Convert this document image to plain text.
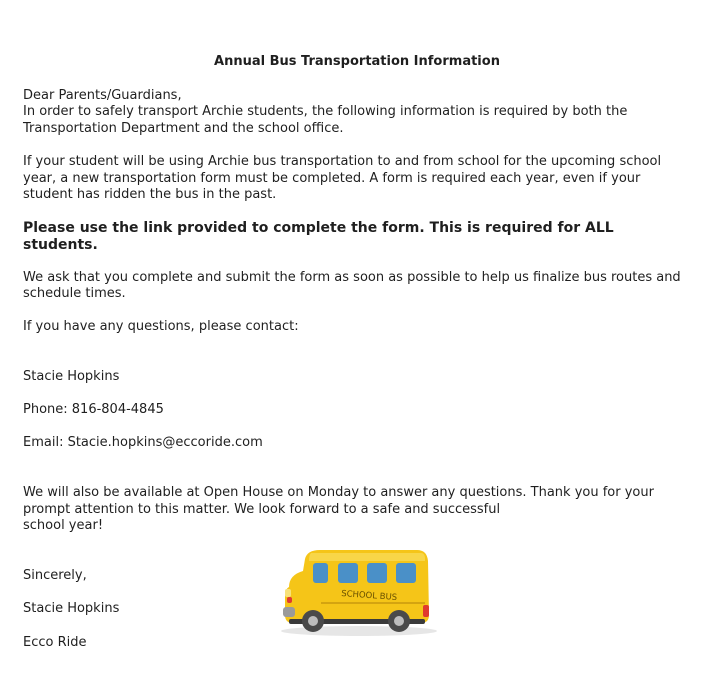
Annual Bus Transportation Information
Dear Parents/Guardians,
In order to safely transport Archie students, the following information is required by both the Transportation Department and the school office.
If your student will be using Archie bus transportation to and from school for the upcoming school year, a new transportation form must be completed. A form is required each year, even if your student has ridden the bus in the past.
Please use the link provided to complete the form. This is required for ALL students.
We ask that you complete and submit the form as soon as possible to help us finalize bus routes and schedule times.
If you have any questions, please contact:

Stacie Hopkins

Phone: 816-804-4845

Email: Stacie.hopkins@eccoride.com

We will also be available at Open House on Monday to answer any questions. Thank you for your prompt attention to this matter. We look forward to a safe and successful
school year!

Sincerely,

Stacie Hopkins

Ecco Ride

SCHOOL BUS
